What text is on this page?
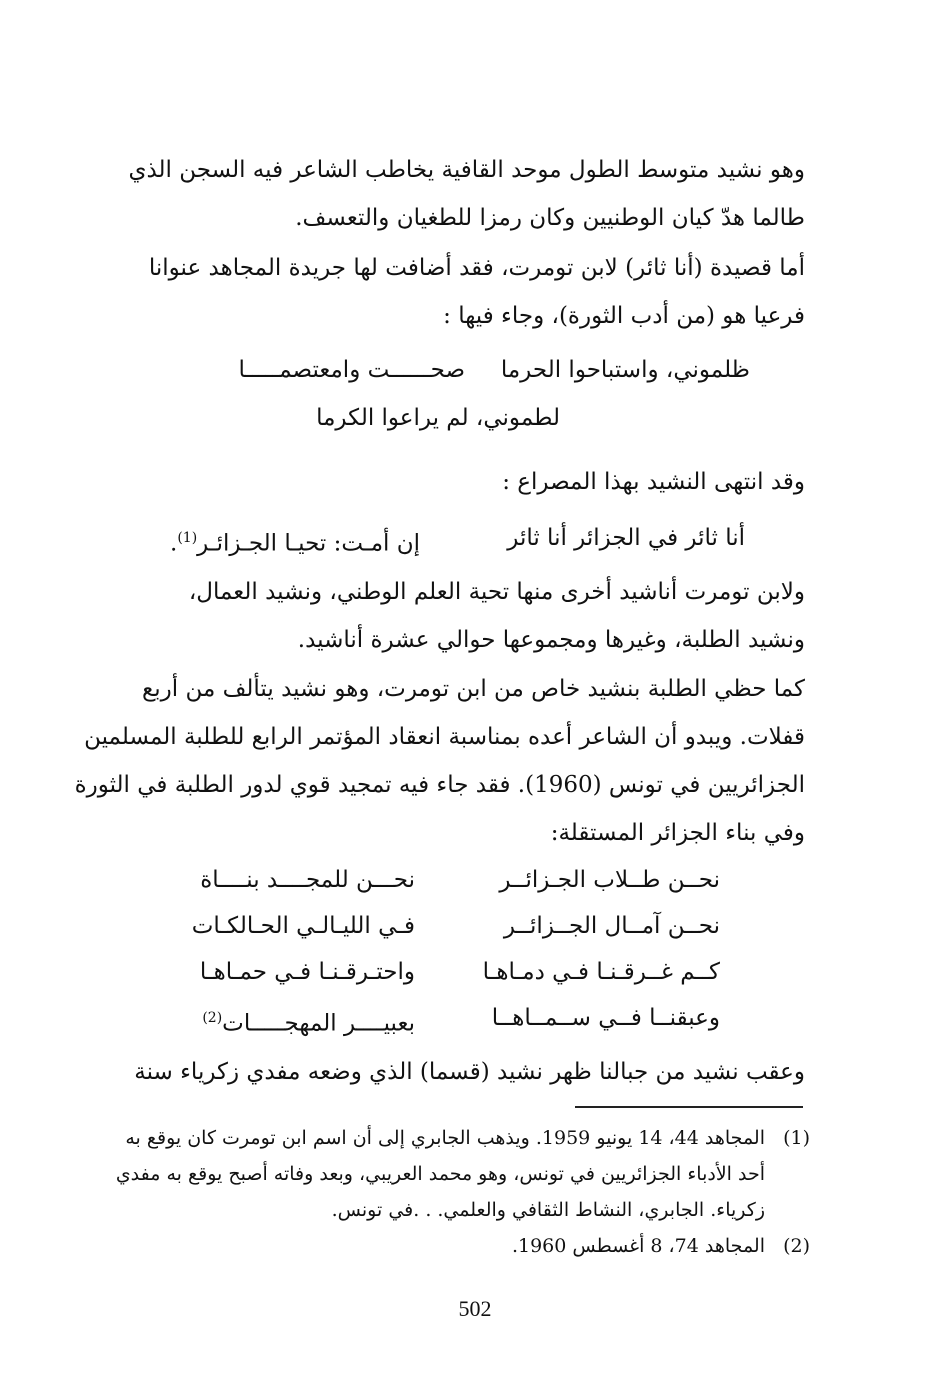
وهو نشيد متوسط الطول موحد القافية يخاطب الشاعر فيه السجن الذي
طالما هدّ كيان الوطنيين وكان رمزا للطغيان والتعسف.

أما قصيدة (أنا ثائر) لابن تومرت، فقد أضافت لها جريدة المجاهد عنوانا
فرعيا هو (من أدب الثورة)، وجاء فيها :

ظلموني، واستباحوا الحرما
صحــــــت وامعتصمـــــا
لطموني، لم يراعوا الكرما

وقد انتهى النشيد بهذا المصراع :

أنا ثائر في الجزائر أنا ثائر
إن أمـت: تحيـا الجـزائـر$^{(1)}$.

ولابن تومرت أناشيد أخرى منها تحية العلم الوطني، ونشيد العمال،
ونشيد الطلبة، وغيرها ومجموعها حوالي عشرة أناشيد.

كما حظي الطلبة بنشيد خاص من ابن تومرت، وهو نشيد يتألف من أربع
قفلات. ويبدو أن الشاعر أعده بمناسبة انعقاد المؤتمر الرابع للطلبة المسلمين
الجزائريين في تونس (1960). فقد جاء فيه تمجيد قوي لدور الطلبة في الثورة
وفي بناء الجزائر المستقلة:

نحــن طــلاب الجـزائــر
نحـــن للمجــــد بنــــاة
نحــن آمــال الجــزائــر
فـي الليـالـي الحـالكـات
كــم غــرقـنـا فـي دمـاهـا
واحتـرقـنـا فـي حمـاهـا
وعبقنــا فــي ســمــاهــا
بعبيــــر المهجـــــات$^{(2)}$

وعقب نشيد من جبالنا ظهر نشيد (قسما) الذي وضعه مفدي زكرياء سنة

(1)
المجاهد 44، 14 يونيو 1959. ويذهب الجابري إلى أن اسم ابن تومرت كان يوقع به
أحد الأدباء الجزائريين في تونس، وهو محمد العريبي، وبعد وفاته أصبح يوقع به مفدي
زكرياء. الجابري، النشاط الثقافي والعلمي. . .في تونس.
(2)
المجاهد 74، 8 أغسطس 1960.
502
